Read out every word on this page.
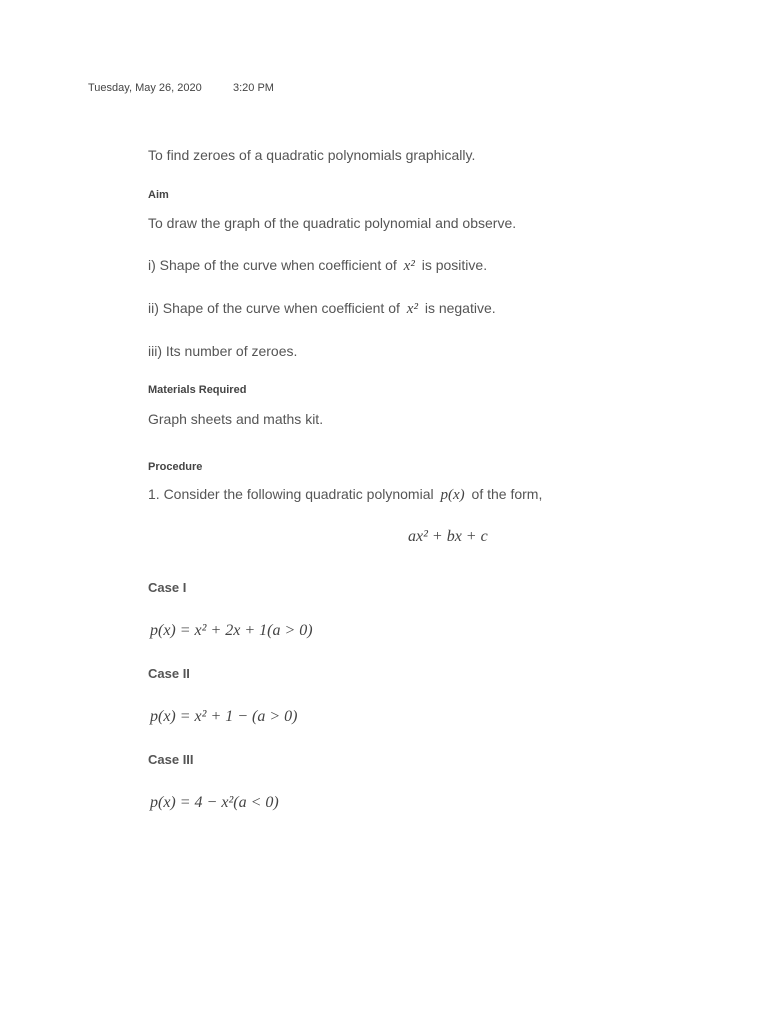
Tuesday, May 26, 2020	3:20 PM
To find zeroes of a quadratic polynomials graphically.
Aim
To draw the graph of the quadratic polynomial and observe.
i) Shape of the curve when coefficient of x² is positive.
ii) Shape of the curve when coefficient of x² is negative.
iii) Its number of zeroes.
Materials Required
Graph sheets and maths kit.
Procedure
1. Consider the following quadratic polynomial p(x) of the form,
ax² + bx + c
Case I
p(x) = x² + 2x + 1(a > 0)
Case II
p(x) = x² + 1 − (a > 0)
Case III
p(x) = 4 − x²(a < 0)
